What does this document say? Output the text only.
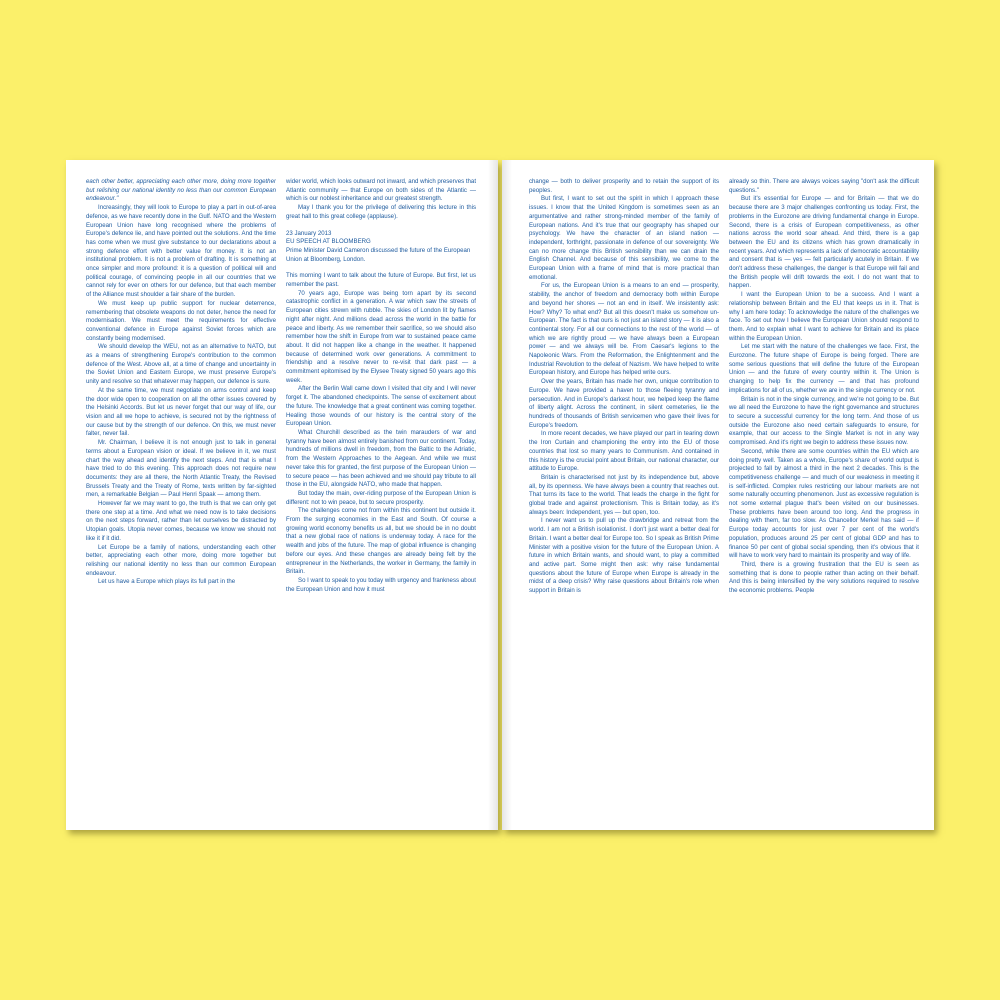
each other better, appreciating each other more, doing more together but relishing our national identity no less than our common European endeavour."

Increasingly, they will look to Europe to play a part in out-of-area defence, as we have recently done in the Gulf. NATO and the Western European Union have long recognised where the problems of Europe's defence lie, and have pointed out the solutions. And the time has come when we must give substance to our declarations about a strong defence effort with better value for money. It is not an institutional problem. It is not a problem of drafting. It is something at once simpler and more profound: it is a question of political will and political courage, of convincing people in all our countries that we cannot rely for ever on others for our defence, but that each member of the Alliance must shoulder a fair share of the burden.

We must keep up public support for nuclear deterrence, remembering that obsolete weapons do not deter, hence the need for modernisation. We must meet the requirements for effective conventional defence in Europe against Soviet forces which are constantly being modernised.

We should develop the WEU, not as an alternative to NATO, but as a means of strengthening Europe's contribution to the common defence of the West. Above all, at a time of change and uncertainty in the Soviet Union and Eastern Europe, we must preserve Europe's unity and resolve so that whatever may happen, our defence is sure.

At the same time, we must negotiate on arms control and keep the door wide open to cooperation on all the other issues covered by the Helsinki Accords. But let us never forget that our way of life, our vision and all we hope to achieve, is secured not by the rightness of our cause but by the strength of our defence. On this, we must never falter, never fail.

Mr. Chairman, I believe it is not enough just to talk in general terms about a European vision or ideal. If we believe in it, we must chart the way ahead and identify the next steps. And that is what I have tried to do this evening. This approach does not require new documents: they are all there, the North Atlantic Treaty, the Revised Brussels Treaty and the Treaty of Rome, texts written by far-sighted men, a remarkable Belgian — Paul Henri Spaak — among them.

However far we may want to go, the truth is that we can only get there one step at a time. And what we need now is to take decisions on the next steps forward, rather than let ourselves be distracted by Utopian goals. Utopia never comes, because we know we should not like it if it did.

Let Europe be a family of nations, understanding each other better, appreciating each other more, doing more together but relishing our national identity no less than our common European endeavour.

Let us have a Europe which plays its full part in the

wider world, which looks outward not inward, and which preserves that Atlantic community — that Europe on both sides of the Atlantic — which is our noblest inheritance and our greatest strength.

May I thank you for the privilege of delivering this lecture in this great hall to this great college (applause).

23 January 2013

EU SPEECH AT BLOOMBERG

Prime Minister David Cameron discussed the future of the European Union at Bloomberg, London.

This morning I want to talk about the future of Europe. But first, let us remember the past.

70 years ago, Europe was being torn apart by its second catastrophic conflict in a generation. A war which saw the streets of European cities strewn with rubble. The skies of London lit by flames night after night. And millions dead across the world in the battle for peace and liberty. As we remember their sacrifice, so we should also remember how the shift in Europe from war to sustained peace came about. It did not happen like a change in the weather. It happened because of determined work over generations. A commitment to friendship and a resolve never to re-visit that dark past — a commitment epitomised by the Elysee Treaty signed 50 years ago this week.

After the Berlin Wall came down I visited that city and I will never forget it. The abandoned checkpoints. The sense of excitement about the future. The knowledge that a great continent was coming together. Healing those wounds of our history is the central story of the European Union.

What Churchill described as the twin marauders of war and tyranny have been almost entirely banished from our continent. Today, hundreds of millions dwell in freedom, from the Baltic to the Adriatic, from the Western Approaches to the Aegean. And while we must never take this for granted, the first purpose of the European Union — to secure peace — has been achieved and we should pay tribute to all those in the EU, alongside NATO, who made that happen.

But today the main, over-riding purpose of the European Union is different: not to win peace, but to secure prosperity.

The challenges come not from within this continent but outside it. From the surging economies in the East and South. Of course a growing world economy benefits us all, but we should be in no doubt that a new global race of nations is underway today. A race for the wealth and jobs of the future. The map of global influence is changing before our eyes. And these changes are already being felt by the entrepreneur in the Netherlands, the worker in Germany, the family in Britain.

So I want to speak to you today with urgency and frankness about the European Union and how it must

change — both to deliver prosperity and to retain the support of its peoples.

But first, I want to set out the spirit in which I approach these issues. I know that the United Kingdom is sometimes seen as an argumentative and rather strong-minded member of the family of European nations. And it's true that our geography has shaped our psychology. We have the character of an island nation — independent, forthright, passionate in defence of our sovereignty. We can no more change this British sensibility than we can drain the English Channel. And because of this sensibility, we come to the European Union with a frame of mind that is more practical than emotional.

For us, the European Union is a means to an end — prosperity, stability, the anchor of freedom and democracy both within Europe and beyond her shores — not an end in itself. We insistently ask: How? Why? To what end? But all this doesn't make us somehow un-European. The fact is that ours is not just an island story — it is also a continental story. For all our connections to the rest of the world — of which we are rightly proud — we have always been a European power — and we always will be. From Caesar's legions to the Napoleonic Wars. From the Reformation, the Enlightenment and the Industrial Revolution to the defeat of Nazism. We have helped to write European history, and Europe has helped write ours.

Over the years, Britain has made her own, unique contribution to Europe. We have provided a haven to those fleeing tyranny and persecution. And in Europe's darkest hour, we helped keep the flame of liberty alight. Across the continent, in silent cemeteries, lie the hundreds of thousands of British servicemen who gave their lives for Europe's freedom.

In more recent decades, we have played our part in tearing down the Iron Curtain and championing the entry into the EU of those countries that lost so many years to Communism. And contained in this history is the crucial point about Britain, our national character, our attitude to Europe.

Britain is characterised not just by its independence but, above all, by its openness. We have always been a country that reaches out. That turns its face to the world. That leads the charge in the fight for global trade and against protectionism. This is Britain today, as it's always been: Independent, yes — but open, too.

I never want us to pull up the drawbridge and retreat from the world. I am not a British isolationist. I don't just want a better deal for Britain. I want a better deal for Europe too. So I speak as British Prime Minister with a positive vision for the future of the European Union. A future in which Britain wants, and should want, to play a committed and active part. Some might then ask: why raise fundamental questions about the future of Europe when Europe is already in the midst of a deep crisis? Why raise questions about Britain's role when support in Britain is

already so thin. There are always voices saying "don't ask the difficult questions."

But it's essential for Europe — and for Britain — that we do because there are 3 major challenges confronting us today. First, the problems in the Eurozone are driving fundamental change in Europe. Second, there is a crisis of European competitiveness, as other nations across the world soar ahead. And third, there is a gap between the EU and its citizens which has grown dramatically in recent years. And which represents a lack of democratic accountability and consent that is — yes — felt particularly acutely in Britain. If we don't address these challenges, the danger is that Europe will fail and the British people will drift towards the exit. I do not want that to happen.

I want the European Union to be a success. And I want a relationship between Britain and the EU that keeps us in it. That is why I am here today: To acknowledge the nature of the challenges we face. To set out how I believe the European Union should respond to them. And to explain what I want to achieve for Britain and its place within the European Union.

Let me start with the nature of the challenges we face. First, the Eurozone. The future shape of Europe is being forged. There are some serious questions that will define the future of the European Union — and the future of every country within it. The Union is changing to help fix the currency — and that has profound implications for all of us, whether we are in the single currency or not.

Britain is not in the single currency, and we're not going to be. But we all need the Eurozone to have the right governance and structures to secure a successful currency for the long term. And those of us outside the Eurozone also need certain safeguards to ensure, for example, that our access to the Single Market is not in any way compromised. And it's right we begin to address these issues now.

Second, while there are some countries within the EU which are doing pretty well. Taken as a whole, Europe's share of world output is projected to fall by almost a third in the next 2 decades. This is the competitiveness challenge — and much of our weakness in meeting it is self-inflicted. Complex rules restricting our labour markets are not some naturally occurring phenomenon. Just as excessive regulation is not some external plague that's been visited on our businesses. These problems have been around too long. And the progress in dealing with them, far too slow. As Chancellor Merkel has said — if Europe today accounts for just over 7 per cent of the world's population, produces around 25 per cent of global GDP and has to finance 50 per cent of global social spending, then it's obvious that it will have to work very hard to maintain its prosperity and way of life.

Third, there is a growing frustration that the EU is seen as something that is done to people rather than acting on their behalf. And this is being intensified by the very solutions required to resolve the economic problems. People
